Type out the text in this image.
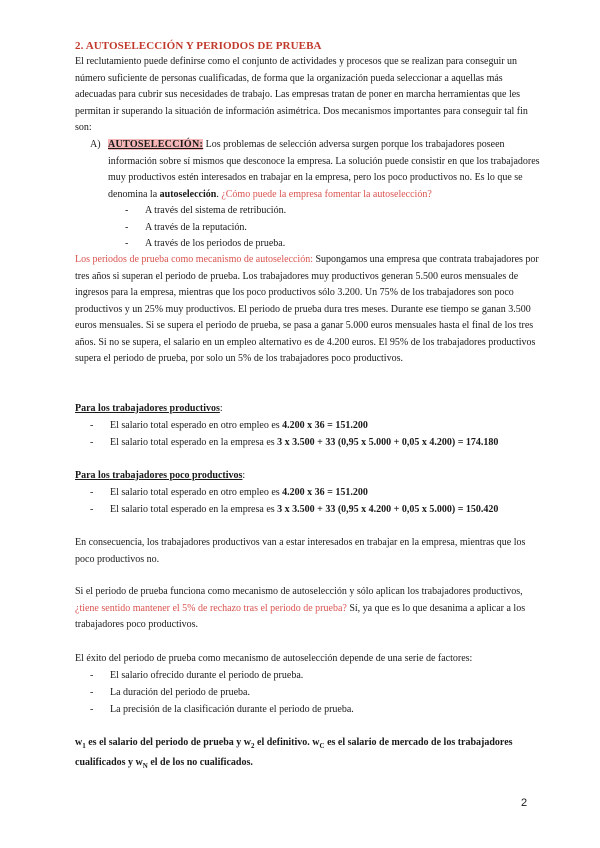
2. AUTOSELECCIÓN Y PERIODOS DE PRUEBA

El reclutamiento puede definirse como el conjunto de actividades y procesos que se realizan para conseguir un número suficiente de personas cualificadas, de forma que la organización pueda seleccionar a aquellas más adecuadas para cubrir sus necesidades de trabajo. Las empresas tratan de poner en marcha herramientas que les permitan ir superando la situación de información asimétrica. Dos mecanismos importantes para conseguir tal fin son:

A) AUTOSELECCIÓN: Los problemas de selección adversa surgen porque los trabajadores poseen información sobre sí mismos que desconoce la empresa. La solución puede consistir en que los trabajadores muy productivos estén interesados en trabajar en la empresa, pero los poco productivos no. Es lo que se denomina la autoselección. ¿Cómo puede la empresa fomentar la autoselección?

- A través del sistema de retribución.
- A través de la reputación.
- A través de los periodos de prueba.

Los periodos de prueba como mecanismo de autoselección: Supongamos una empresa que contrata trabajadores por tres años si superan el periodo de prueba. Los trabajadores muy productivos generan 5.500 euros mensuales de ingresos para la empresa, mientras que los poco productivos sólo 3.200. Un 75% de los trabajadores son poco productivos y un 25% muy productivos. El periodo de prueba dura tres meses. Durante ese tiempo se ganan 3.500 euros mensuales. Si se supera el periodo de prueba, se pasa a ganar 5.000 euros mensuales hasta el final de los tres años. Si no se supera, el salario en un empleo alternativo es de 4.200 euros. El 95% de los trabajadores productivos supera el periodo de prueba, por solo un 5% de los trabajadores poco productivos.

Para los trabajadores productivos:
- El salario total esperado en otro empleo es 4.200 x 36 = 151.200
- El salario total esperado en la empresa es 3 x 3.500 + 33 (0,95 x 5.000 + 0,05 x 4.200) = 174.180
Para los trabajadores poco productivos:
- El salario total esperado en otro empleo es 4.200 x 36 = 151.200
- El salario total esperado en la empresa es 3 x 3.500 + 33 (0,95 x 4.200 + 0,05 x 5.000) = 150.420

En consecuencia, los trabajadores productivos van a estar interesados en trabajar en la empresa, mientras que los poco productivos no.

Si el periodo de prueba funciona como mecanismo de autoselección y sólo aplican los trabajadores productivos, ¿tiene sentido mantener el 5% de rechazo tras el periodo de prueba? Sí, ya que es lo que desanima a aplicar a los trabajadores poco productivos.

El éxito del periodo de prueba como mecanismo de autoselección depende de una serie de factores:

- El salario ofrecido durante el periodo de prueba.
- La duración del periodo de prueba.
- La precisión de la clasificación durante el periodo de prueba.

$w_1$ es el salario del periodo de prueba y $w_2$ el definitivo. $w_C$ es el salario de mercado de los trabajadores cualificados y $w_N$ el de los no cualificados.

2
